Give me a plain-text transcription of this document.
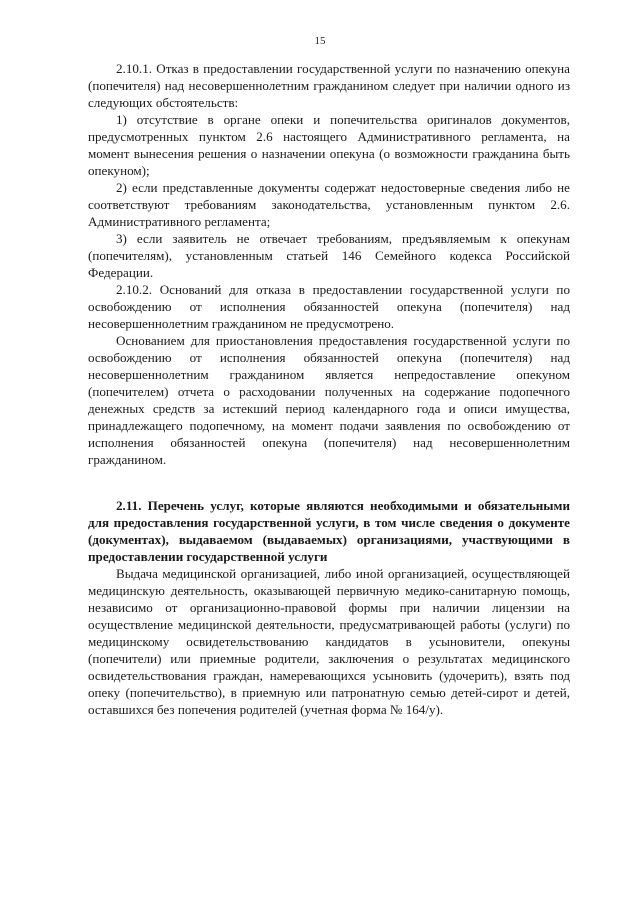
15

2.10.1. Отказ в предоставлении государственной услуги по назначению опекуна (попечителя) над несовершеннолетним гражданином следует при наличии одного из следующих обстоятельств:

1) отсутствие в органе опеки и попечительства оригиналов документов, предусмотренных пунктом 2.6 настоящего Административного регламента, на момент вынесения решения о назначении опекуна (о возможности гражданина быть опекуном);

2) если представленные документы содержат недостоверные сведения либо не соответствуют требованиям законодательства, установленным пунктом 2.6. Административного регламента;

3) если заявитель не отвечает требованиям, предъявляемым к опекунам (попечителям), установленным статьей 146 Семейного кодекса Российской Федерации.

2.10.2. Оснований для отказа в предоставлении государственной услуги по освобождению от исполнения обязанностей опекуна (попечителя) над несовершеннолетним гражданином не предусмотрено.

Основанием для приостановления предоставления государственной услуги по освобождению от исполнения обязанностей опекуна (попечителя) над несовершеннолетним гражданином является непредоставление опекуном (попечителем) отчета о расходовании полученных на содержание подопечного денежных средств за истекший период календарного года и описи имущества, принадлежащего подопечному, на момент подачи заявления по освобождению от исполнения обязанностей опекуна (попечителя) над несовершеннолетним гражданином.

2.11. Перечень услуг, которые являются необходимыми и обязательными для предоставления государственной услуги, в том числе сведения о документе (документах), выдаваемом (выдаваемых) организациями, участвующими в предоставлении государственной услуги

Выдача медицинской организацией, либо иной организацией, осуществляющей медицинскую деятельность, оказывающей первичную медико-санитарную помощь, независимо от организационно-правовой формы при наличии лицензии на осуществление медицинской деятельности, предусматривающей работы (услуги) по медицинскому освидетельствованию кандидатов в усыновители, опекуны (попечители) или приемные родители, заключения о результатах медицинского освидетельствования граждан, намеревающихся усыновить (удочерить), взять под опеку (попечительство), в приемную или патронатную семью детей-сирот и детей, оставшихся без попечения родителей (учетная форма № 164/у).
